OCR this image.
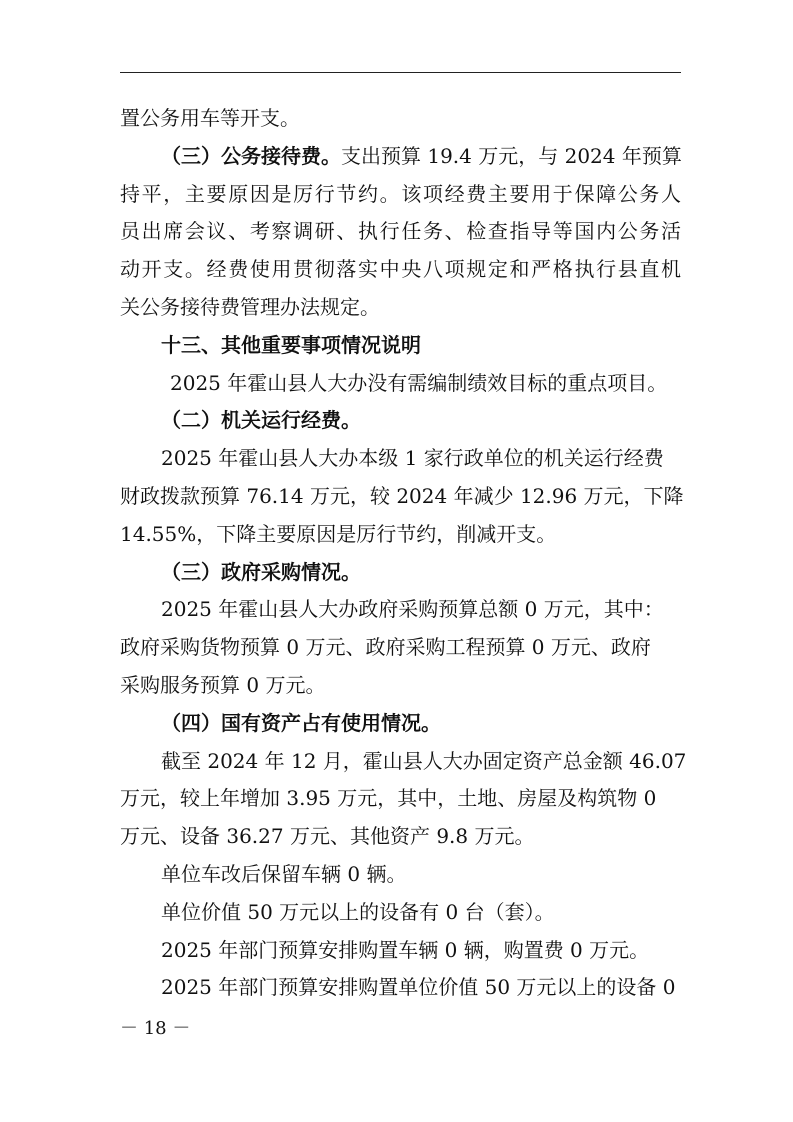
置公务用车等开支。
（三）公务接待费。支出预算 19.4 万元，与 2024 年预算
持平，主要原因是厉行节约。该项经费主要用于保障公务人
员出席会议、考察调研、执行任务、检查指导等国内公务活
动开支。经费使用贯彻落实中央八项规定和严格执行县直机
关公务接待费管理办法规定。
十三、其他重要事项情况说明
2025 年霍山县人大办没有需编制绩效目标的重点项目。
（二）机关运行经费。
2025 年霍山县人大办本级 1 家行政单位的机关运行经费
财政拨款预算 76.14 万元，较 2024 年减少 12.96 万元，下降
14.55%，下降主要原因是厉行节约，削减开支。
（三）政府采购情况。
2025 年霍山县人大办政府采购预算总额 0 万元，其中：
政府采购货物预算 0 万元、政府采购工程预算 0 万元、政府
采购服务预算 0 万元。
（四）国有资产占有使用情况。
截至 2024 年 12 月，霍山县人大办固定资产总金额 46.07
万元，较上年增加 3.95 万元，其中，土地、房屋及构筑物 0
万元、设备 36.27 万元、其他资产 9.8 万元。
单位车改后保留车辆 0 辆。
单位价值 50 万元以上的设备有 0 台（套）。
2025 年部门预算安排购置车辆 0 辆，购置费 0 万元。
2025 年部门预算安排购置单位价值 50 万元以上的设备 0
－ 18 －
